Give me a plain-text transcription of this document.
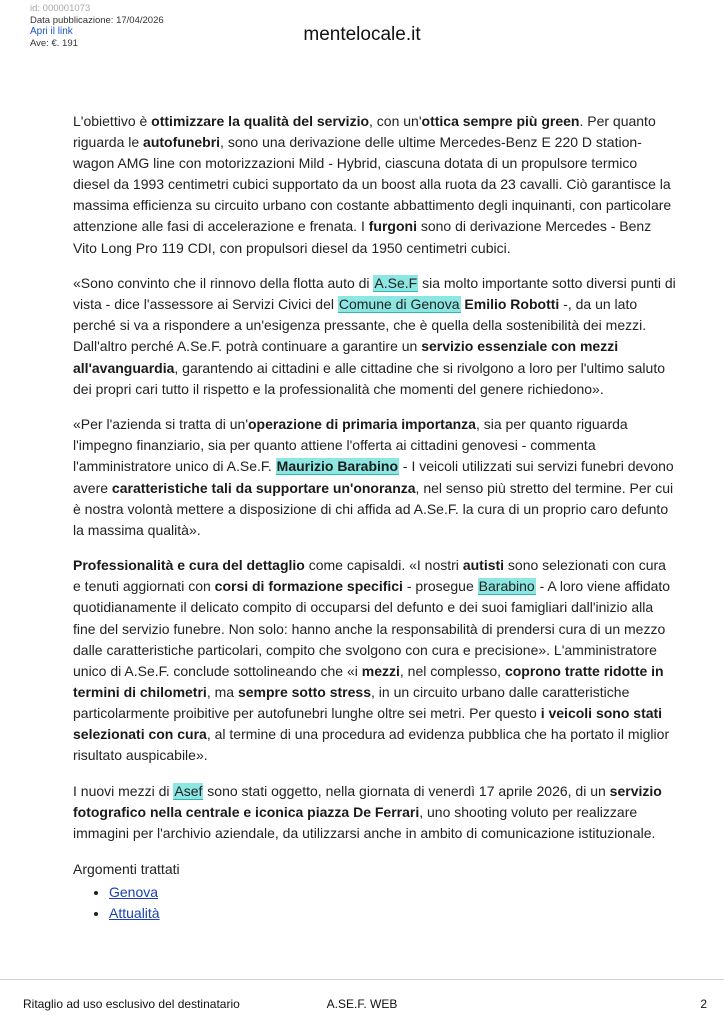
id: 000001073
Data pubblicazione: 17/04/2026
Apri il link
Ave: €. 191	mentelocale.it

L'obiettivo è ottimizzare la qualità del servizio, con un'ottica sempre più green. Per quanto riguarda le autofunebri, sono una derivazione delle ultime Mercedes-Benz E 220 D station-wagon AMG line con motorizzazioni Mild - Hybrid, ciascuna dotata di un propulsore termico diesel da 1993 centimetri cubici supportato da un boost alla ruota da 23 cavalli. Ciò garantisce la massima efficienza su circuito urbano con costante abbattimento degli inquinanti, con particolare attenzione alle fasi di accelerazione e frenata. I furgoni sono di derivazione Mercedes - Benz Vito Long Pro 119 CDI, con propulsori diesel da 1950 centimetri cubici.

«Sono convinto che il rinnovo della flotta auto di A.Se.F sia molto importante sotto diversi punti di vista - dice l'assessore ai Servizi Civici del Comune di Genova Emilio Robotti -, da un lato perché si va a rispondere a un'esigenza pressante, che è quella della sostenibilità dei mezzi. Dall'altro perché A.Se.F. potrà continuare a garantire un servizio essenziale con mezzi all'avanguardia, garantendo ai cittadini e alle cittadine che si rivolgono a loro per l'ultimo saluto dei propri cari tutto il rispetto e la professionalità che momenti del genere richiedono».

«Per l'azienda si tratta di un'operazione di primaria importanza, sia per quanto riguarda l'impegno finanziario, sia per quanto attiene l'offerta ai cittadini genovesi - commenta l'amministratore unico di A.Se.F. Maurizio Barabino - I veicoli utilizzati sui servizi funebri devono avere caratteristiche tali da supportare un'onoranza, nel senso più stretto del termine. Per cui è nostra volontà mettere a disposizione di chi affida ad A.Se.F. la cura di un proprio caro defunto la massima qualità».

Professionalità e cura del dettaglio come capisaldi. «I nostri autisti sono selezionati con cura e tenuti aggiornati con corsi di formazione specifici - prosegue Barabino - A loro viene affidato quotidianamente il delicato compito di occuparsi del defunto e dei suoi famigliari dall'inizio alla fine del servizio funebre. Non solo: hanno anche la responsabilità di prendersi cura di un mezzo dalle caratteristiche particolari, compito che svolgono con cura e precisione». L'amministratore unico di A.Se.F. conclude sottolineando che «i mezzi, nel complesso, coprono tratte ridotte in termini di chilometri, ma sempre sotto stress, in un circuito urbano dalle caratteristiche particolarmente proibitive per autofunebri lunghe oltre sei metri. Per questo i veicoli sono stati selezionati con cura, al termine di una procedura ad evidenza pubblica che ha portato il miglior risultato auspicabile».

I nuovi mezzi di Asef sono stati oggetto, nella giornata di venerdì 17 aprile 2026, di un servizio fotografico nella centrale e iconica piazza De Ferrari, uno shooting voluto per realizzare immagini per l'archivio aziendale, da utilizzarsi anche in ambito di comunicazione istituzionale.

Argomenti trattati
• Genova
• Attualità
Ritaglio ad uso esclusivo del destinatario	A.SE.F. WEB	2
